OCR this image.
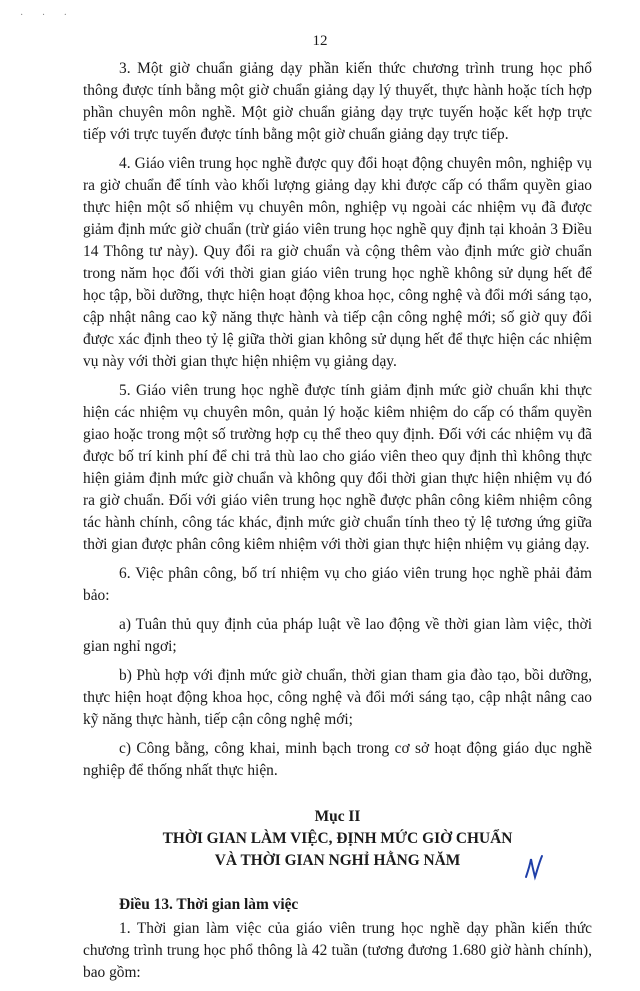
· · ·
12

3. Một giờ chuẩn giảng dạy phần kiến thức chương trình trung học phổ thông được tính bằng một giờ chuẩn giảng dạy lý thuyết, thực hành hoặc tích hợp phần chuyên môn nghề. Một giờ chuẩn giảng dạy trực tuyến hoặc kết hợp trực tiếp với trực tuyến được tính bằng một giờ chuẩn giảng dạy trực tiếp.

4. Giáo viên trung học nghề được quy đổi hoạt động chuyên môn, nghiệp vụ ra giờ chuẩn để tính vào khối lượng giảng dạy khi được cấp có thẩm quyền giao thực hiện một số nhiệm vụ chuyên môn, nghiệp vụ ngoài các nhiệm vụ đã được giảm định mức giờ chuẩn (trừ giáo viên trung học nghề quy định tại khoản 3 Điều 14 Thông tư này). Quy đổi ra giờ chuẩn và cộng thêm vào định mức giờ chuẩn trong năm học đối với thời gian giáo viên trung học nghề không sử dụng hết để học tập, bồi dưỡng, thực hiện hoạt động khoa học, công nghệ và đổi mới sáng tạo, cập nhật nâng cao kỹ năng thực hành và tiếp cận công nghệ mới; số giờ quy đổi được xác định theo tỷ lệ giữa thời gian không sử dụng hết để thực hiện các nhiệm vụ này với thời gian thực hiện nhiệm vụ giảng dạy.

5. Giáo viên trung học nghề được tính giảm định mức giờ chuẩn khi thực hiện các nhiệm vụ chuyên môn, quản lý hoặc kiêm nhiệm do cấp có thẩm quyền giao hoặc trong một số trường hợp cụ thể theo quy định. Đối với các nhiệm vụ đã được bố trí kinh phí để chi trả thù lao cho giáo viên theo quy định thì không thực hiện giảm định mức giờ chuẩn và không quy đổi thời gian thực hiện nhiệm vụ đó ra giờ chuẩn. Đối với giáo viên trung học nghề được phân công kiêm nhiệm công tác hành chính, công tác khác, định mức giờ chuẩn tính theo tỷ lệ tương ứng giữa thời gian được phân công kiêm nhiệm với thời gian thực hiện nhiệm vụ giảng dạy.

6. Việc phân công, bố trí nhiệm vụ cho giáo viên trung học nghề phải đảm bảo:

a) Tuân thủ quy định của pháp luật về lao động về thời gian làm việc, thời gian nghỉ ngơi;

b) Phù hợp với định mức giờ chuẩn, thời gian tham gia đào tạo, bồi dưỡng, thực hiện hoạt động khoa học, công nghệ và đổi mới sáng tạo, cập nhật nâng cao kỹ năng thực hành, tiếp cận công nghệ mới;

c) Công bằng, công khai, minh bạch trong cơ sở hoạt động giáo dục nghề nghiệp để thống nhất thực hiện.

Mục II
THỜI GIAN LÀM VIỆC, ĐỊNH MỨC GIỜ CHUẨN
VÀ THỜI GIAN NGHỈ HẰNG NĂM

Điều 13. Thời gian làm việc

1. Thời gian làm việc của giáo viên trung học nghề dạy phần kiến thức chương trình trung học phổ thông là 42 tuần (tương đương 1.680 giờ hành chính), bao gồm:
